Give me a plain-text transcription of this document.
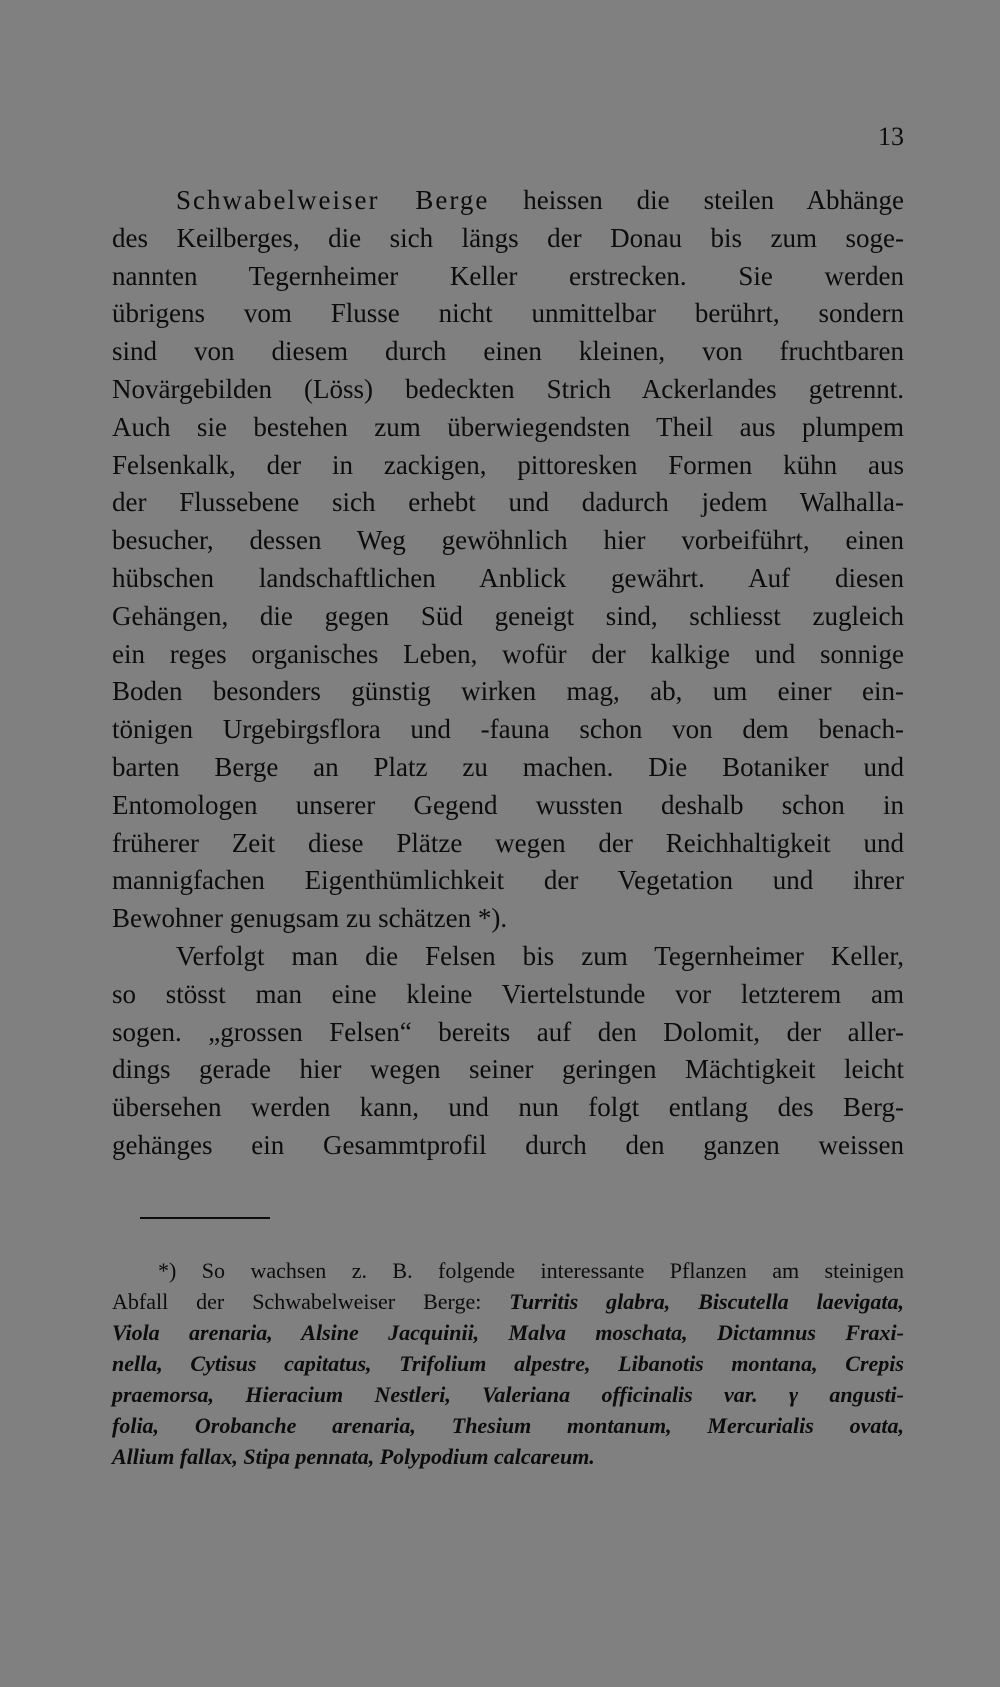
13
Schwabelweiser Berge heissen die steilen Abhänge
des Keilberges, die sich längs der Donau bis zum soge-
nannten Tegernheimer Keller erstrecken. Sie werden
übrigens vom Flusse nicht unmittelbar berührt, sondern
sind von diesem durch einen kleinen, von fruchtbaren
Novärgebilden (Löss) bedeckten Strich Ackerlandes getrennt.
Auch sie bestehen zum überwiegendsten Theil aus plumpem
Felsenkalk, der in zackigen, pittoresken Formen kühn aus
der Flussebene sich erhebt und dadurch jedem Walhalla-
besucher, dessen Weg gewöhnlich hier vorbeiführt, einen
hübschen landschaftlichen Anblick gewährt. Auf diesen
Gehängen, die gegen Süd geneigt sind, schliesst zugleich
ein reges organisches Leben, wofür der kalkige und sonnige
Boden besonders günstig wirken mag, ab, um einer ein-
tönigen Urgebirgsflora und -fauna schon von dem benach-
barten Berge an Platz zu machen. Die Botaniker und
Entomologen unserer Gegend wussten deshalb schon in
früherer Zeit diese Plätze wegen der Reichhaltigkeit und
mannigfachen Eigenthümlichkeit der Vegetation und ihrer
Bewohner genugsam zu schätzen *).
Verfolgt man die Felsen bis zum Tegernheimer Keller,
so stösst man eine kleine Viertelstunde vor letzterem am
sogen. „grossen Felsen“ bereits auf den Dolomit, der aller-
dings gerade hier wegen seiner geringen Mächtigkeit leicht
übersehen werden kann, und nun folgt entlang des Berg-
gehänges ein Gesammtprofil durch den ganzen weissen
*) So wachsen z. B. folgende interessante Pflanzen am steinigen
Abfall der Schwabelweiser Berge: Turritis glabra, Biscutella laevigata,
Viola arenaria, Alsine Jacquinii, Malva moschata, Dictamnus Fraxi-
nella, Cytisus capitatus, Trifolium alpestre, Libanotis montana, Crepis
praemorsa, Hieracium Nestleri, Valeriana officinalis var. γ angusti-
folia, Orobanche arenaria, Thesium montanum, Mercurialis ovata,
Allium fallax, Stipa pennata, Polypodium calcareum.
